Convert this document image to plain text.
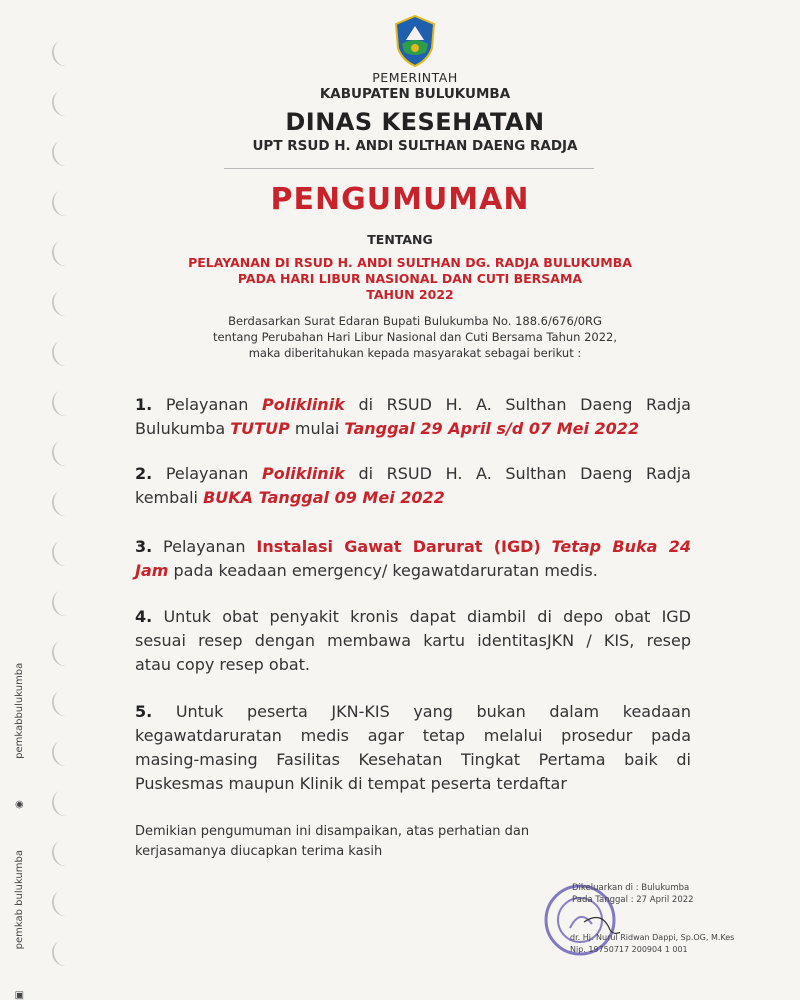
▣ pemkab bulukumba ◉ pemkabbulukumba
PEMERINTAH
KABUPATEN BULUKUMBA
DINAS KESEHATAN
UPT RSUD H. ANDI SULTHAN DAENG RADJA
PENGUMUMAN
TENTANG
PELAYANAN DI RSUD H. ANDI SULTHAN DG. RADJA BULUKUMBA
PADA HARI LIBUR NASIONAL DAN CUTI BERSAMA
TAHUN 2022
Berdasarkan Surat Edaran Bupati Bulukumba No. 188.6/676/0RG
tentang Perubahan Hari Libur Nasional dan Cuti Bersama Tahun 2022,
maka diberitahukan kepada masyarakat sebagai berikut :
1. Pelayanan Poliklinik di RSUD H. A. Sulthan Daeng Radja
Bulukumba TUTUP mulai Tanggal 29 April s/d 07 Mei 2022
2. Pelayanan Poliklinik di RSUD H. A. Sulthan Daeng Radja
kembali BUKA Tanggal 09 Mei 2022
3. Pelayanan Instalasi Gawat Darurat (IGD) Tetap Buka 24
Jam pada keadaan emergency/ kegawatdaruratan medis.
4. Untuk obat penyakit kronis dapat diambil di depo obat IGD
sesuai resep dengan membawa kartu identitasJKN / KIS, resep
atau copy resep obat.
5. Untuk peserta JKN-KIS yang bukan dalam keadaan
kegawatdaruratan medis agar tetap melalui prosedur pada
masing-masing Fasilitas Kesehatan Tingkat Pertama baik di
Puskesmas maupun Klinik di tempat peserta terdaftar
Demikian pengumuman ini disampaikan, atas perhatian dan
kerjasamanya diucapkan terima kasih
Dikeluarkan di : Bulukumba
Pada Tanggal : 27 April 2022
dr. Hj. Nurul Ridwan Dappi, Sp.OG, M.Kes
Nip. 19750717 200904 1 001
